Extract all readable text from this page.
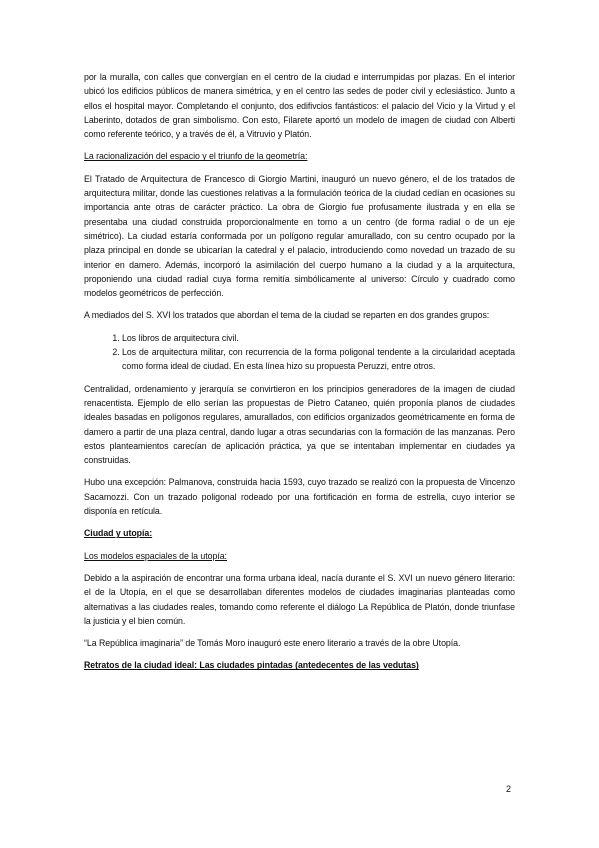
por la muralla, con calles que convergían en el centro de la ciudad e interrumpidas por plazas. En el interior ubicó los edificios públicos de manera simétrica, y en el centro las sedes de poder civil y eclesiástico. Junto a ellos el hospital mayor. Completando el conjunto, dos edifivcios fantásticos: el palacio del Vicio y la Virtud y el Laberinto, dotados de gran simbolismo. Con esto, Filarete aportó un modelo de imagen de ciudad con Alberti como referente teórico, y a través de él, a Vitruvio y Platón.

La racionalización del espacio y el triunfo de la geometría:

El Tratado de Arquitectura de Francesco di Giorgio Martini, inauguró un nuevo género, el de los tratados de arquitectura militar, donde las cuestiones relativas a la formulación teórica de la ciudad cedían en ocasiones su importancia ante otras de carácter práctico. La obra de Giorgio fue profusamente ilustrada y en ella se presentaba una ciudad construida proporcionalmente en torno a un centro (de forma radial o de un eje simétrico). La ciudad estaría conformada por un polígono regular amurallado, con su centro ocupado por la plaza principal en donde se ubicarían la catedral y el palacio, introduciendo como novedad un trazado de su interior en damero. Además, incorporó la asimilación del cuerpo humano a la ciudad y a la arquitectura, proponiendo una ciudad radial cuya forma remitía simbólicamente al universo: Círculo y cuadrado como modelos geométricos de perfección.

A mediados del S. XVI los tratados que abordan el tema de la ciudad se reparten en dos grandes grupos:

1. Los libros de arquitectura civil.
2. Los de arquitectura militar, con recurrencia de la forma poligonal tendente a la circularidad aceptada como forma ideal de ciudad. En esta línea hizo su propuesta Peruzzi, entre otros.

Centralidad, ordenamiento y jerarquía se convirtieron en los principios generadores de la imagen de ciudad renacentista. Ejemplo de ello serían las propuestas de Pietro Cataneo, quién proponía planos de ciudades ideales basadas en polígonos regulares, amurallados, con edificios organizados geométricamente en forma de damero a partir de una plaza central, dando lugar a otras secundarias con la formación de las manzanas. Pero estos planteamientos carecían de aplicación práctica, ya que se intentaban implementar en ciudades ya construidas.

Hubo una excepción: Palmanova, construida hacia 1593, cuyo trazado se realizó con la propuesta de Vincenzo Sacamozzi. Con un trazado poligonal rodeado por una fortificación en forma de estrella, cuyo interior se disponía en retícula.

Ciudad y utopía:
Los modelos espaciales de la utopía:

Debido a la aspiración de encontrar una forma urbana ideal, nacía durante el S. XVI un nuevo género literario: el de la Utopía, en el que se desarrollaban diferentes modelos de ciudades imaginarias planteadas como alternativas a las ciudades reales, tomando como referente el diálogo La República de Platón, donde triunfase la justicia y el bien común.

“La República imaginaria” de Tomás Moro inauguró este enero literario a través de la obre Utopía.

Retratos de la ciudad ideal: Las ciudades pintadas (antedecentes de las vedutas)
2
